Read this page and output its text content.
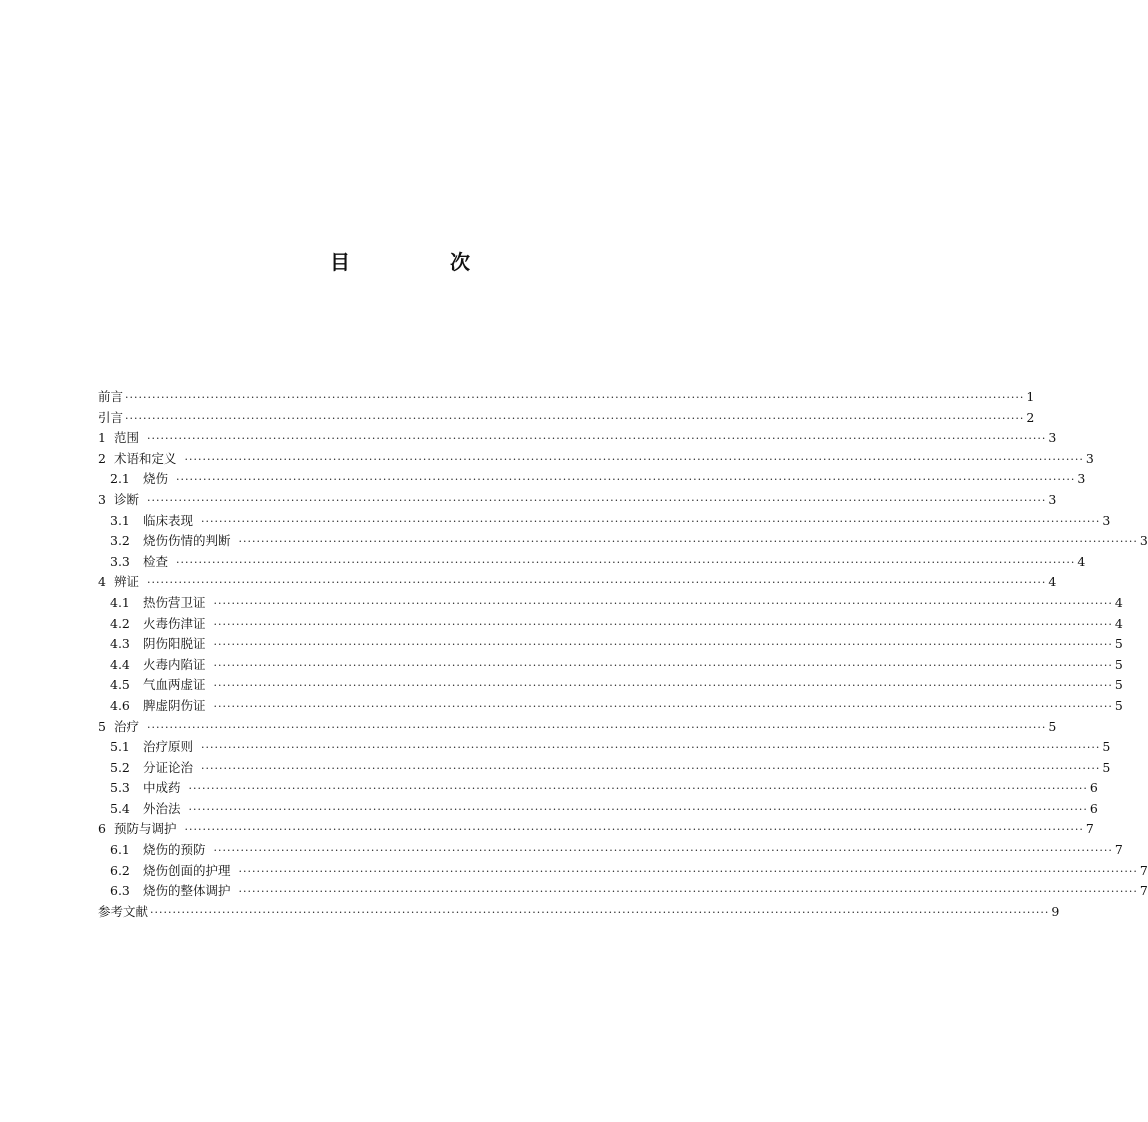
目　次
前言 ········································································································································································································ 1
引言 ········································································································································································································ 2
1 范围 ········································································································································································································ 3
2 术语和定义 ········································································································································································································ 3
2.1	烧伤 ········································································································································································································ 3
3 诊断 ········································································································································································································ 3
3.1	临床表现 ········································································································································································································ 3
3.2	烧伤伤情的判断 ········································································································································································································ 3
3.3	检查 ········································································································································································································ 4
4 辨证 ········································································································································································································ 4
4.1	热伤营卫证 ········································································································································································································ 4
4.2	火毒伤津证 ········································································································································································································ 4
4.3	阴伤阳脱证 ········································································································································································································ 5
4.4	火毒内陷证 ········································································································································································································ 5
4.5	气血两虚证 ········································································································································································································ 5
4.6	脾虚阴伤证 ········································································································································································································ 5
5 治疗 ········································································································································································································ 5
5.1	治疗原则 ········································································································································································································ 5
5.2	分证论治 ········································································································································································································ 5
5.3	中成药 ········································································································································································································ 6
5.4	外治法 ········································································································································································································ 6
6 预防与调护 ········································································································································································································ 7
6.1	烧伤的预防 ········································································································································································································ 7
6.2	烧伤创面的护理 ········································································································································································································ 7
6.3	烧伤的整体调护 ········································································································································································································ 7
参考文献 ········································································································································································································ 9
